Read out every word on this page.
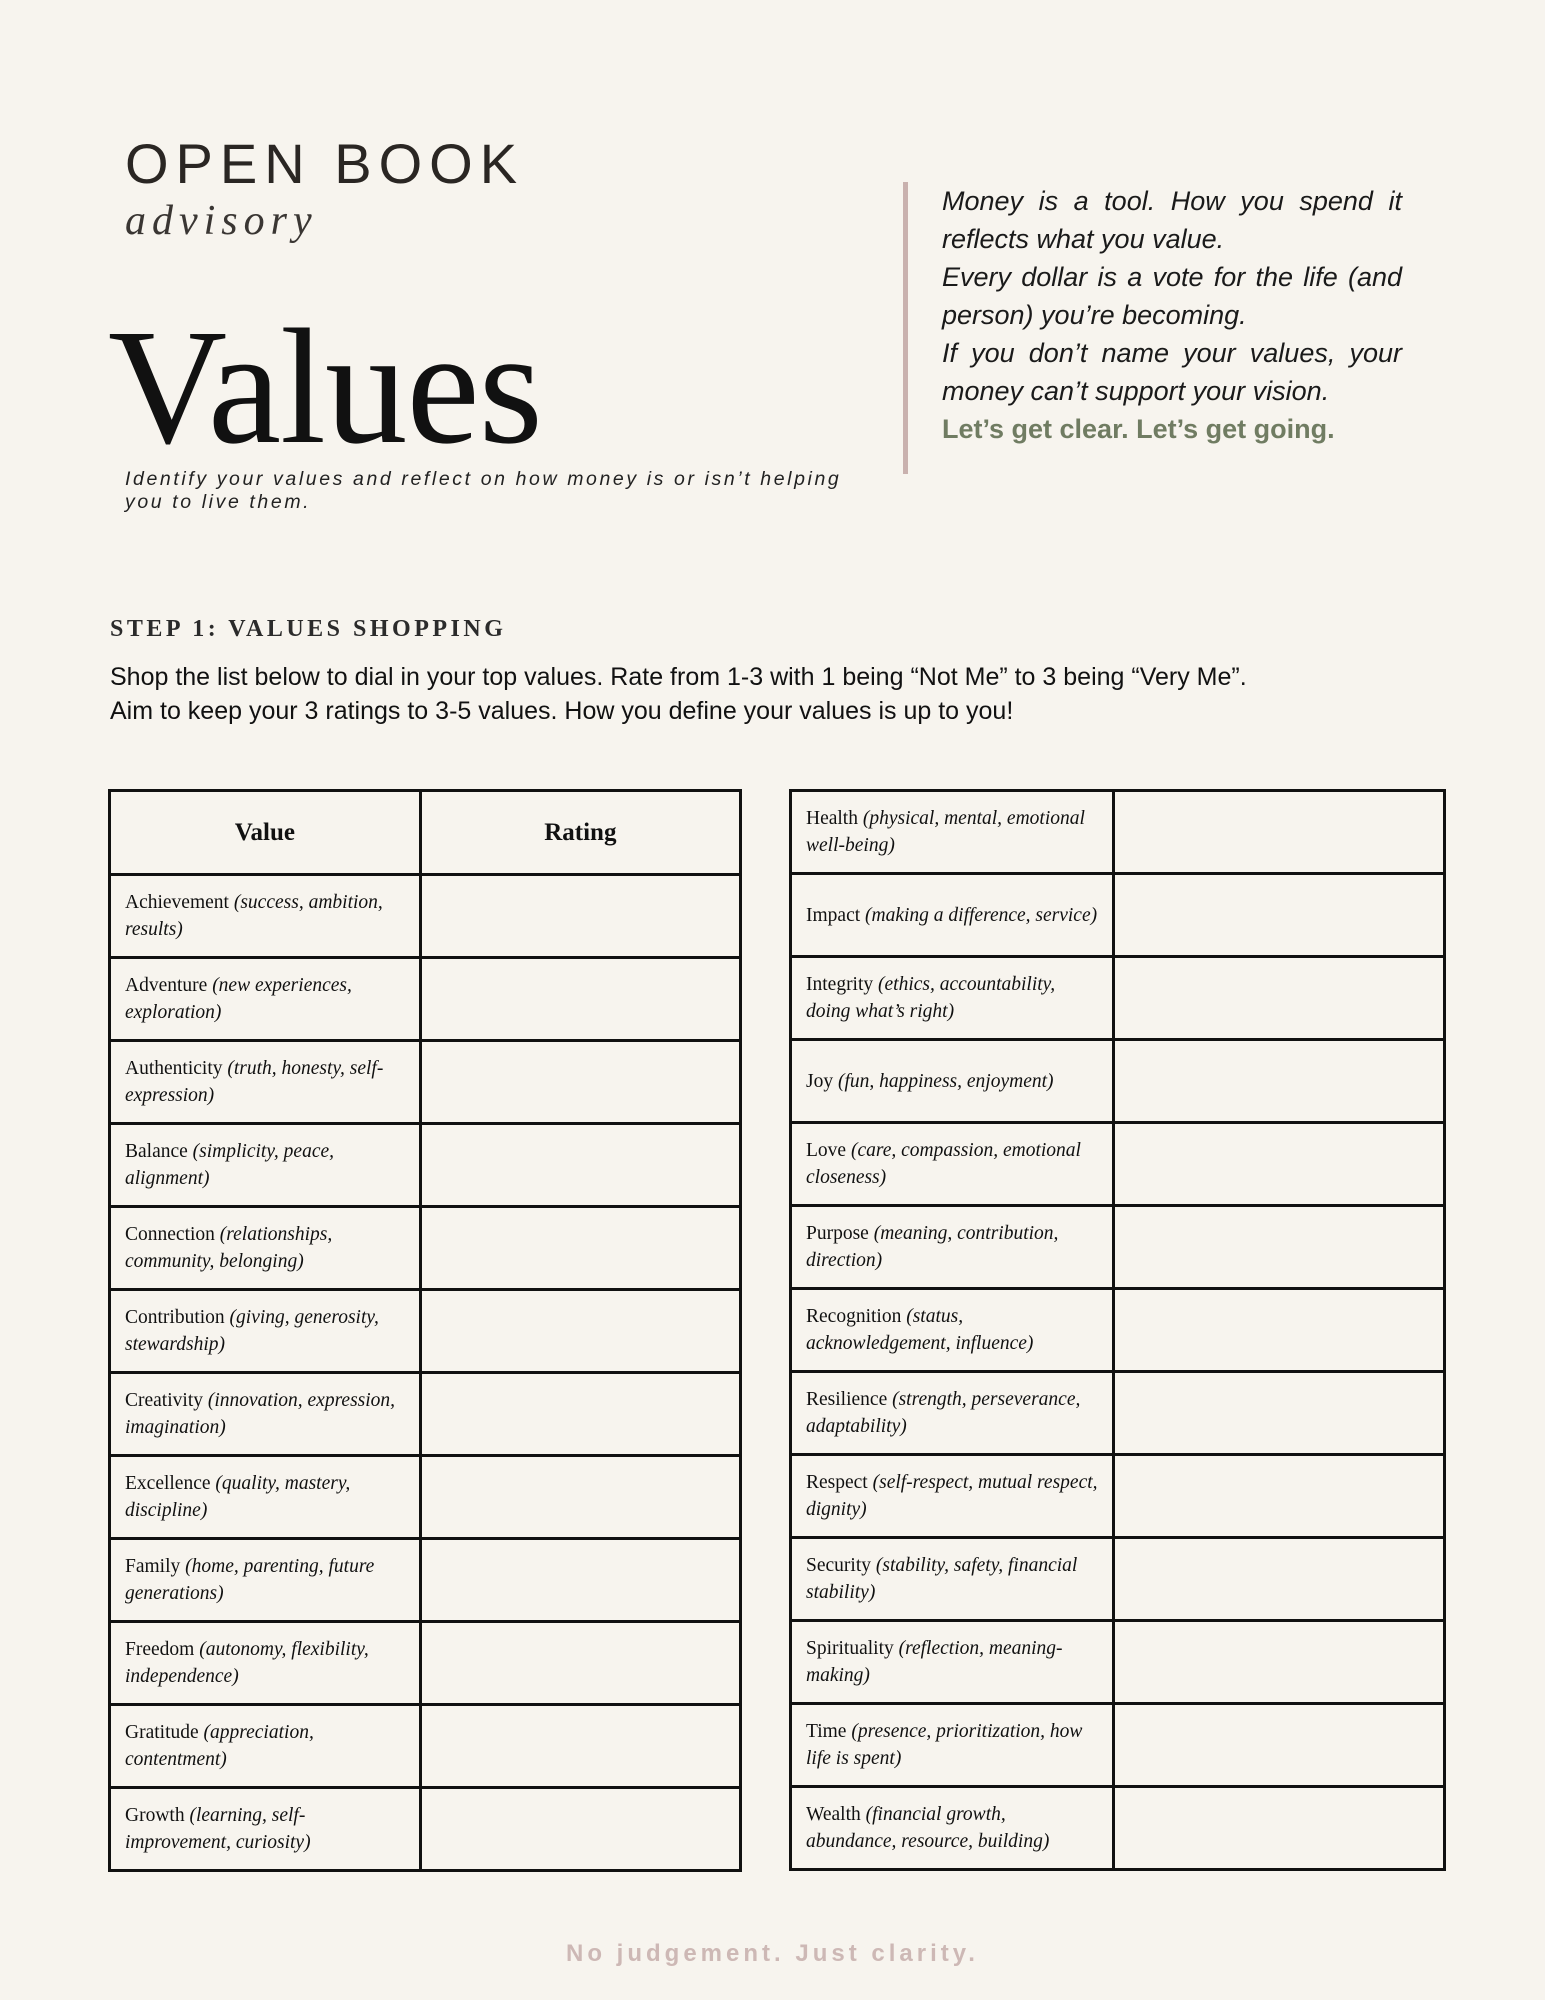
OPEN BOOK
advisory
Values
Identify your values and reflect on how money is or isn’t helping you to live them.

Money is a tool. How you spend it reflects what you value.

Every dollar is a vote for the life (and person) you’re becoming.

If you don’t name your values, your money can’t support your vision.

Let’s get clear. Let’s get going.

STEP 1: VALUES SHOPPING
Shop the list below to dial in your top values. Rate from 1-3 with 1 being “Not Me” to 3 being “Very Me”.
Aim to keep your 3 ratings to 3-5 values. How you define your values is up to you!
Value	Rating
Achievement (success, ambition, results)	
Adventure (new experiences, exploration)	
Authenticity (truth, honesty, self-expression)	
Balance (simplicity, peace, alignment)	
Connection (relationships, community, belonging)	
Contribution (giving, generosity, stewardship)	
Creativity (innovation, expression, imagination)	
Excellence (quality, mastery, discipline)	
Family (home, parenting, future generations)	
Freedom (autonomy, flexibility, independence)	
Gratitude (appreciation, contentment)	
Growth (learning, self-improvement, curiosity)	
Health (physical, mental, emotional well-being)	
Impact (making a difference, service)	
Integrity (ethics, accountability, doing what’s right)	
Joy (fun, happiness, enjoyment)	
Love (care, compassion, emotional closeness)	
Purpose (meaning, contribution, direction)	
Recognition (status, acknowledgement, influence)	
Resilience (strength, perseverance, adaptability)	
Respect (self-respect, mutual respect, dignity)	
Security (stability, safety, financial stability)	
Spirituality (reflection, meaning-making)	
Time (presence, prioritization, how life is spent)	
Wealth (financial growth, abundance, resource, building)	
No judgement. Just clarity.
